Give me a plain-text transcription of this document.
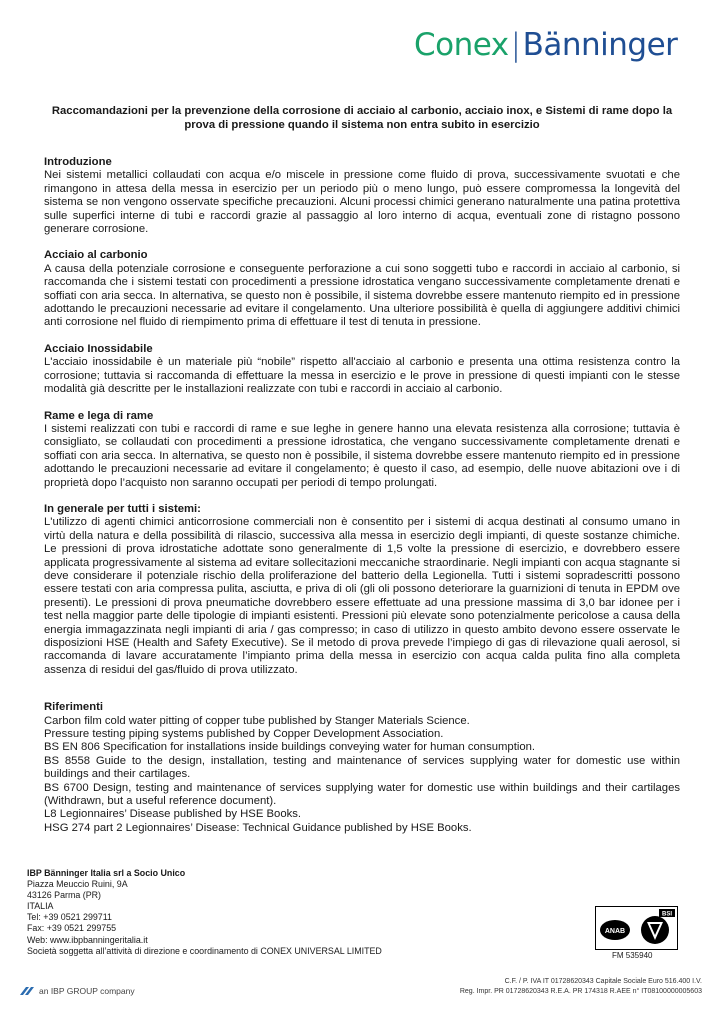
Conex|Bänninger
Raccomandazioni per la prevenzione della corrosione di acciaio al carbonio, acciaio inox, e Sistemi di rame dopo la prova di pressione quando il sistema non entra subito in esercizio
Introduzione

Nei sistemi metallici collaudati con acqua e/o miscele in pressione come fluido di prova, successivamente svuotati e che rimangono in attesa della messa in esercizio per un periodo più o meno lungo, può essere compromessa la longevità del sistema se non vengono osservate specifiche precauzioni. Alcuni processi chimici generano naturalmente una patina protettiva sulle superfici interne di tubi e raccordi grazie al passaggio al loro interno di acqua, eventuali zone di ristagno possono generare corrosione.

Acciaio al carbonio

A causa della potenziale corrosione e conseguente perforazione a cui sono soggetti tubo e raccordi in acciaio al carbonio, si raccomanda che i sistemi testati con procedimenti a pressione idrostatica vengano successivamente completamente drenati e soffiati con aria secca. In alternativa, se questo non è possibile, il sistema dovrebbe essere mantenuto riempito ed in pressione adottando le precauzioni necessarie ad evitare il congelamento. Una ulteriore possibilità è quella di aggiungere additivi chimici anti corrosione nel fluido di riempimento prima di effettuare il test di tenuta in pressione.

Acciaio Inossidabile

L'acciaio inossidabile è un materiale più “nobile” rispetto all'acciaio al carbonio e presenta una ottima resistenza contro la corrosione; tuttavia si raccomanda di effettuare la messa in esercizio e le prove in pressione di questi impianti con le stesse modalità già descritte per le installazioni realizzate con tubi e raccordi in acciaio al carbonio.

Rame e lega di rame

I sistemi realizzati con tubi e raccordi di rame e sue leghe in genere hanno una elevata resistenza alla corrosione; tuttavia è consigliato, se collaudati con procedimenti a pressione idrostatica, che vengano successivamente completamente drenati e soffiati con aria secca. In alternativa, se questo non è possibile, il sistema dovrebbe essere mantenuto riempito ed in pressione adottando le precauzioni necessarie ad evitare il congelamento; è questo il caso, ad esempio, delle nuove abitazioni ove i di proprietà dopo l’acquisto non saranno occupati per periodi di tempo prolungati.

In generale per tutti i sistemi:

L'utilizzo di agenti chimici anticorrosione commerciali non è consentito per i sistemi di acqua destinati al consumo umano in virtù della natura e della possibilità di rilascio, successiva alla messa in esercizio degli impianti, di queste sostanze chimiche. Le pressioni di prova idrostatiche adottate sono generalmente di 1,5 volte la pressione di esercizio, e dovrebbero essere applicata progressivamente al sistema ad evitare sollecitazioni meccaniche straordinarie. Negli impianti con acqua stagnante si deve considerare il potenziale rischio della proliferazione del batterio della Legionella. Tutti i sistemi sopradescritti possono essere testati con aria compressa pulita, asciutta, e priva di oli (gli oli possono deteriorare la guarnizioni di tenuta in EPDM ove presenti). Le pressioni di prova pneumatiche dovrebbero essere effettuate ad una pressione massima di 3,0 bar idonee per i test nella maggior parte delle tipologie di impianti esistenti. Pressioni più elevate sono potenzialmente pericolose a causa della energia immagazzinata negli impianti di aria / gas compresso; in caso di utilizzo in questo ambito devono essere osservate le disposizioni HSE (Health and Safety Executive). Se il metodo di prova prevede l’impiego di gas di rilevazione quali aerosol, si raccomanda di lavare accuratamente l’impianto prima della messa in esercizio con acqua calda pulita fino alla completa assenza di residui del gas/fluido di prova utilizzato.

Riferimenti

Carbon film cold water pitting of copper tube published by Stanger Materials Science.

Pressure testing piping systems published by Copper Development Association.

BS EN 806 Specification for installations inside buildings conveying water for human consumption.

BS 8558 Guide to the design, installation, testing and maintenance of services supplying water for domestic use within buildings and their cartilages.

BS 6700 Design, testing and maintenance of services supplying water for domestic use within buildings and their cartilages (Withdrawn, but a useful reference document).

L8 Legionnaires’ Disease published by HSE Books.

HSG 274 part 2 Legionnaires’ Disease: Technical Guidance published by HSE Books.

IBP Bänninger Italia srl a Socio Unico
Piazza Meuccio Ruini, 9A
43126 Parma (PR)
ITALIA
Tel: +39 0521 299711
Fax: +39 0521 299755
Web: www.ibpbanningeritalia.it
Società soggetta all’attività di direzione e coordinamento di CONEX UNIVERSAL LIMITED
ANAB
BSI
FM 535940
an IBP GROUP company
C.F. / P. IVA IT 01728620343 Capitale Sociale Euro 516.400 I.V.
Reg. Impr. PR 01728620343 R.E.A. PR 174318 R.AEE n° IT08100000005603
